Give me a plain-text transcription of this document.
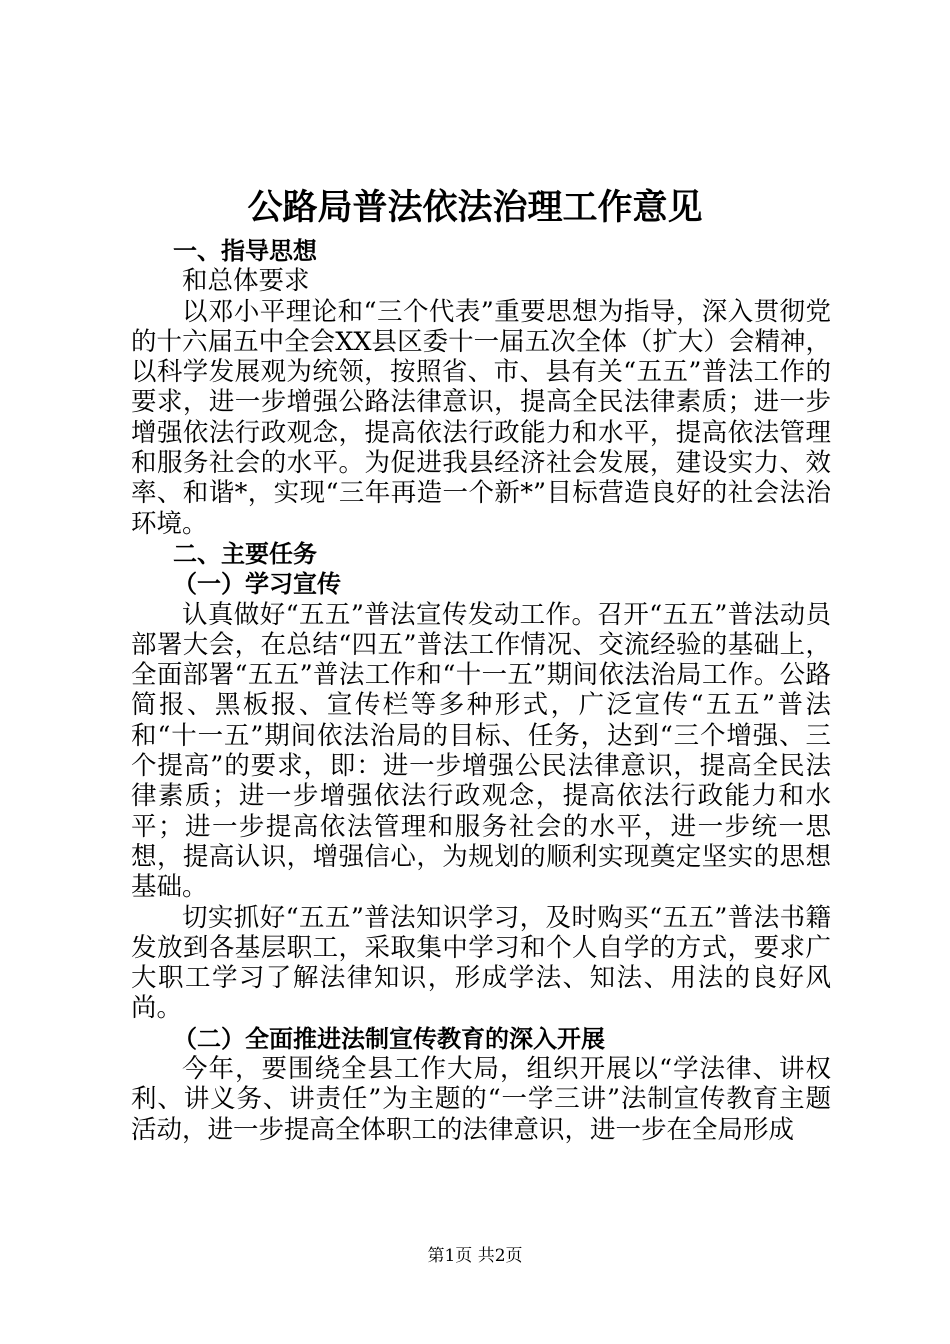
公路局普法依法治理工作意见

一、指导思想

和总体要求

以邓小平理论和“三个代表”重要思想为指导，深入贯彻党的十六届五中全会XX县区委十一届五次全体（扩大）会精神，以科学发展观为统领，按照省、市、县有关“五五”普法工作的要求，进一步增强公路法律意识，提高全民法律素质；进一步增强依法行政观念，提高依法行政能力和水平，提高依法管理和服务社会的水平。为促进我县经济社会发展，建设实力、效率、和谐*，实现“三年再造一个新*”目标营造良好的社会法治环境。

二、主要任务

（一）学习宣传

认真做好“五五”普法宣传发动工作。召开“五五”普法动员部署大会，在总结“四五”普法工作情况、交流经验的基础上，全面部署“五五”普法工作和“十一五”期间依法治局工作。公路简报、黑板报、宣传栏等多种形式，广泛宣传“五五”普法和“十一五”期间依法治局的目标、任务，达到“三个增强、三个提高”的要求，即：进一步增强公民法律意识，提高全民法律素质；进一步增强依法行政观念，提高依法行政能力和水平；进一步提高依法管理和服务社会的水平，进一步统一思想，提高认识，增强信心，为规划的顺利实现奠定坚实的思想基础。

切实抓好“五五”普法知识学习，及时购买“五五”普法书籍发放到各基层职工，采取集中学习和个人自学的方式，要求广大职工学习了解法律知识，形成学法、知法、用法的良好风尚。

（二）全面推进法制宣传教育的深入开展

今年，要围绕全县工作大局，组织开展以“学法律、讲权利、讲义务、讲责任”为主题的“一学三讲”法制宣传教育主题活动，进一步提高全体职工的法律意识，进一步在全局形成

第1页 共2页
